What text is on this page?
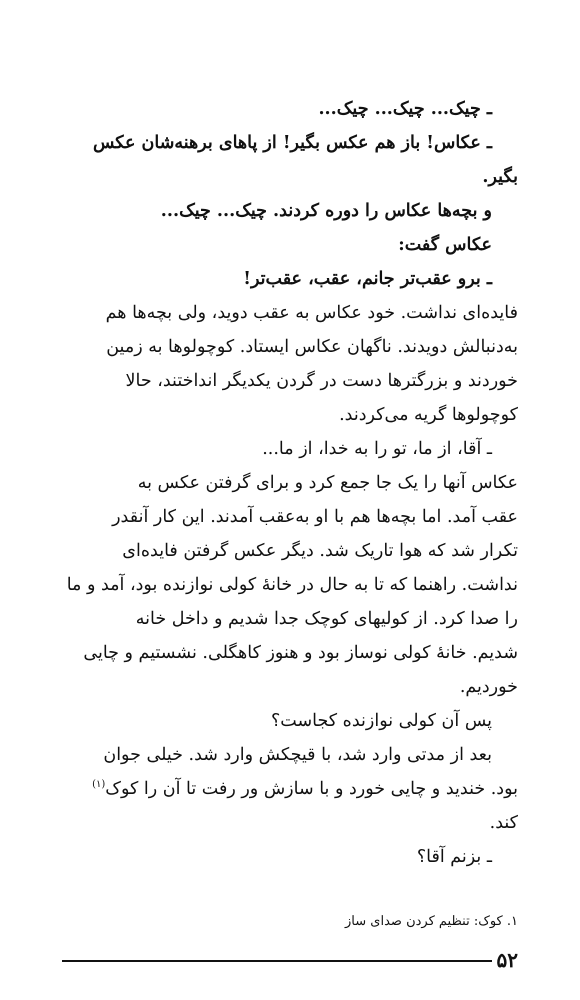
ـ چیک... چیک... چیک...
ـ عکاس! باز هم عکس بگیر! از پاهای برهنه‌شان عکس
بگیر.
و بچه‌ها عکاس را دوره کردند. چیک... چیک...
عکاس گفت:
ـ برو عقب‌تر جانم، عقب، عقب‌تر!
فایده‌ای نداشت. خود عکاس به عقب دوید، ولی بچه‌ها هم
به‌دنبالش دویدند. ناگهان عکاس ایستاد. کوچولوها به زمین
خوردند و بزرگترها دست در گردن یکدیگر انداختند، حالا
کوچولوها گریه می‌کردند.
ـ آقا، از ما، تو را به خدا، از ما...
عکاس آنها را یک جا جمع کرد و برای گرفتن عکس به
عقب آمد. اما بچه‌ها هم با او به‌عقب آمدند. این کار آنقدر
تکرار شد که هوا تاریک شد. دیگر عکس گرفتن فایده‌ای
نداشت. راهنما که تا به حال در خانهٔ کولی نوازنده بود، آمد و ما
را صدا کرد. از کولیهای کوچک جدا شدیم و داخل خانه
شدیم. خانهٔ کولی نوساز بود و هنوز کاهگلی. نشستیم و چایی
خوردیم.
پس آن کولی نوازنده کجاست؟
بعد از مدتی وارد شد، با قیچکش وارد شد. خیلی جوان
بود. خندید و چایی خورد و با سازش ور رفت تا آن را کوک$^{(۱)}$
کند.
ـ بزنم آقا؟
۱. کوک: تنظیم کردن صدای ساز
۵۲
